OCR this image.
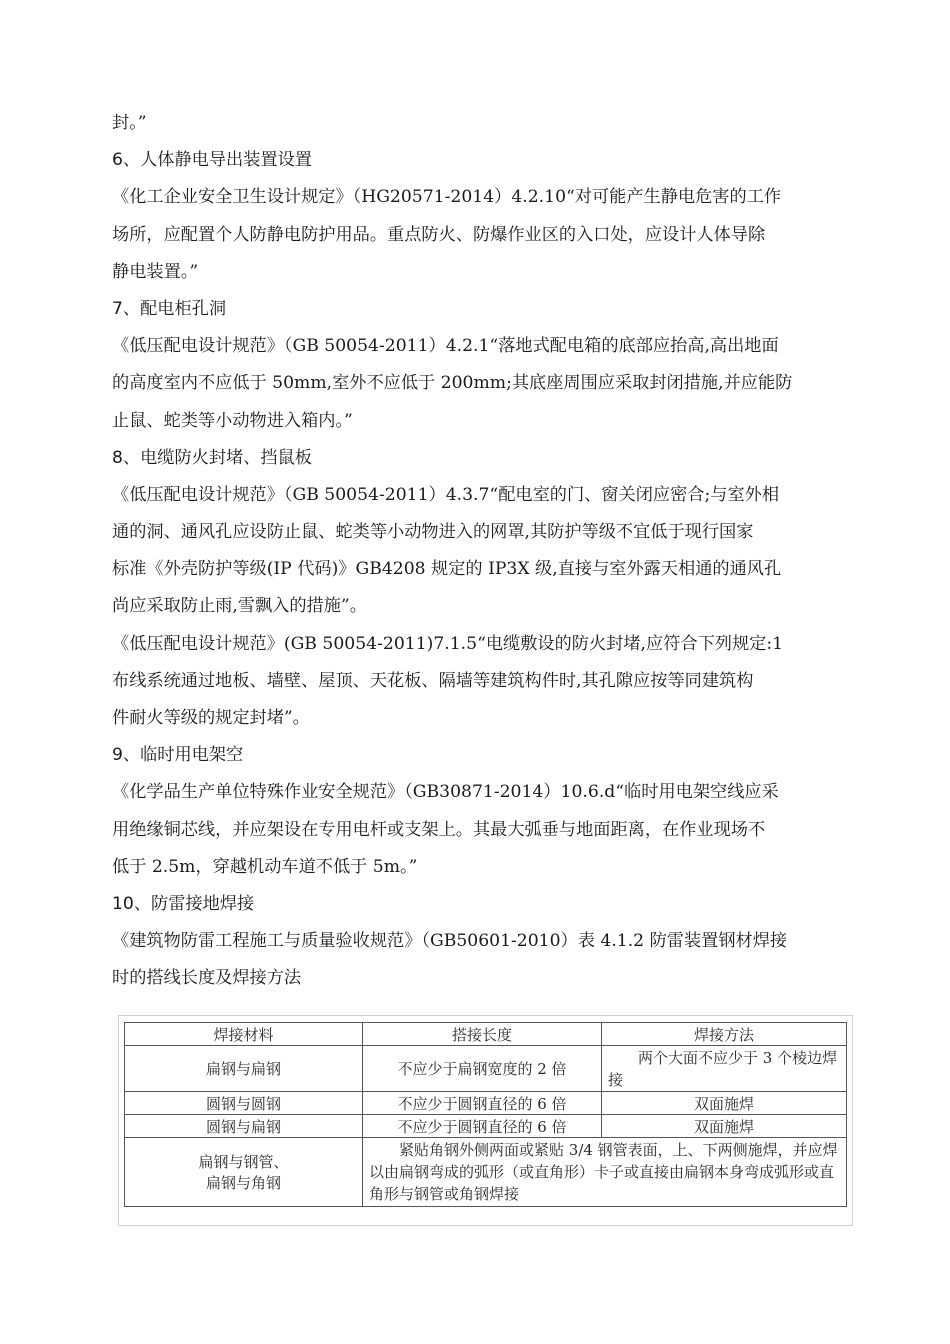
封。”
6、人体静电导出装置设置
《化工企业安全卫生设计规定》（HG20571-2014）4.2.10“对可能产生静电危害的工作
场所，应配置个人防静电防护用品。重点防火、防爆作业区的入口处，应设计人体导除
静电装置。”
7、配电柜孔洞
《低压配电设计规范》（GB 50054-2011）4.2.1“落地式配电箱的底部应抬高,高出地面
的高度室内不应低于 50mm,室外不应低于 200mm;其底座周围应采取封闭措施,并应能防
止鼠、蛇类等小动物进入箱内。”
8、电缆防火封堵、挡鼠板
《低压配电设计规范》（GB 50054-2011）4.3.7“配电室的门、窗关闭应密合;与室外相
通的洞、通风孔应设防止鼠、蛇类等小动物进入的网罩,其防护等级不宜低于现行国家
标准《外壳防护等级(IP 代码)》GB4208 规定的 IP3X 级,直接与室外露天相通的通风孔
尚应采取防止雨,雪飘入的措施”。
《低压配电设计规范》(GB 50054-2011)7.1.5“电缆敷设的防火封堵,应符合下列规定:1
布线系统通过地板、墙壁、屋顶、天花板、隔墙等建筑构件时,其孔隙应按等同建筑构
件耐火等级的规定封堵”。
9、临时用电架空
《化学品生产单位特殊作业安全规范》（GB30871-2014）10.6.d“临时用电架空线应采
用绝缘铜芯线，并应架设在专用电杆或支架上。其最大弧垂与地面距离，在作业现场不
低于 2.5m，穿越机动车道不低于 5m。”
10、防雷接地焊接
《建筑物防雷工程施工与质量验收规范》（GB50601-2010）表 4.1.2 防雷装置钢材焊接
时的搭线长度及焊接方法
焊接材料	搭接长度	焊接方法
扁钢与扁钢	不应少于扁钢宽度的 2 倍	两个大面不应少于 3 个棱边焊接
圆钢与圆钢	不应少于圆钢直径的 6 倍	双面施焊
圆钢与扁钢	不应少于圆钢直径的 6 倍	双面施焊

扁钢与钢管、
扁钢与角钢	紧贴角钢外侧两面或紧贴 3/4 钢管表面，上、下两侧施焊，并应焊以由扁钢弯成的弧形（或直角形）卡子或直接由扁钢本身弯成弧形或直角形与钢管或角钢焊接	
